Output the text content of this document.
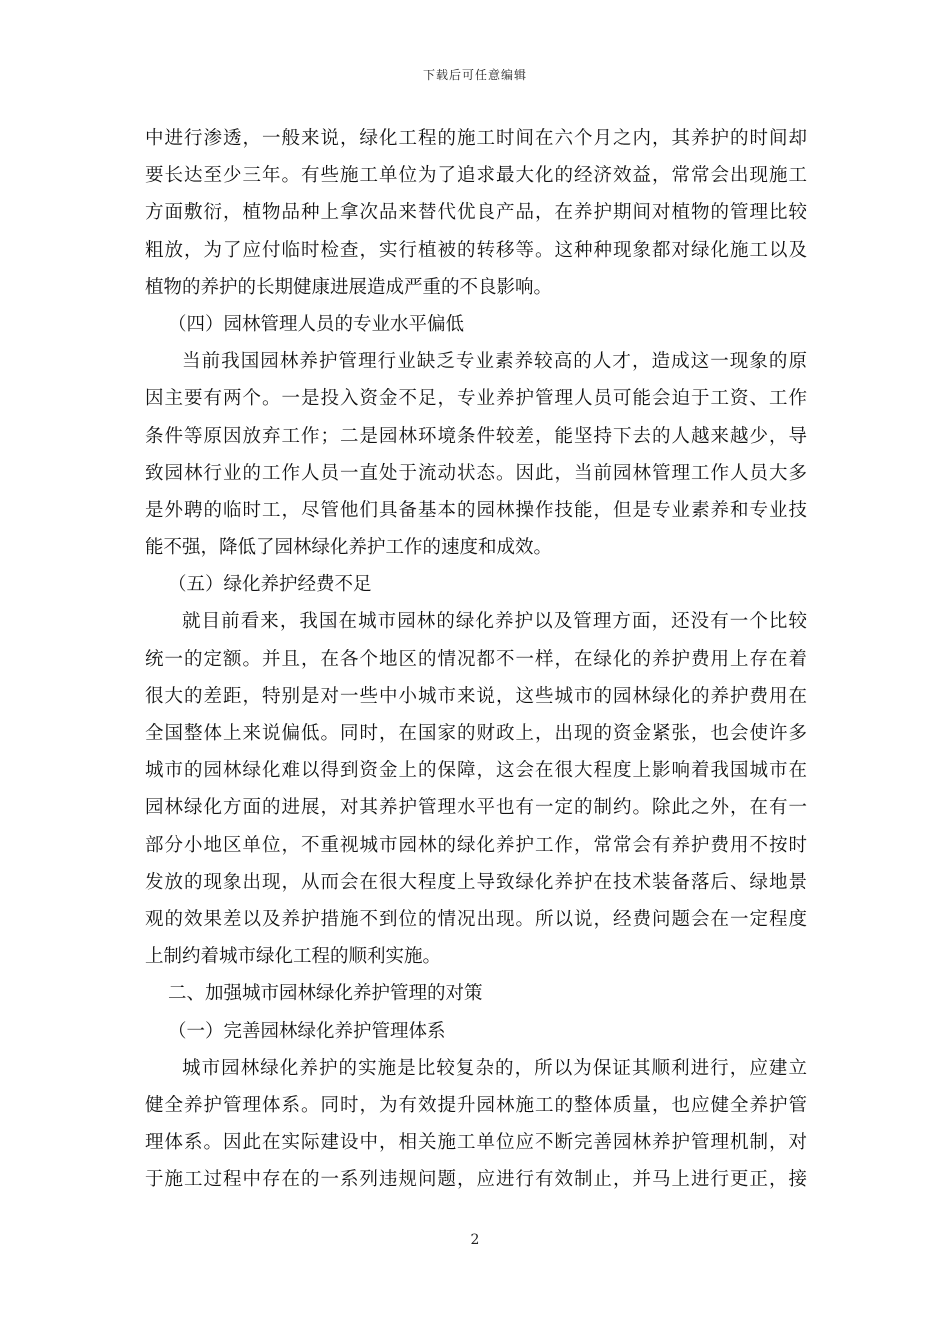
下载后可任意编辑
中进行渗透，一般来说，绿化工程的施工时间在六个月之内，其养护的时间却
要长达至少三年。有些施工单位为了追求最大化的经济效益，常常会出现施工
方面敷衍，植物品种上拿次品来替代优良产品，在养护期间对植物的管理比较
粗放，为了应付临时检查，实行植被的转移等。这种种现象都对绿化施工以及
植物的养护的长期健康进展造成严重的不良影响。
（四）园林管理人员的专业水平偏低
当前我国园林养护管理行业缺乏专业素养较高的人才，造成这一现象的原
因主要有两个。一是投入资金不足，专业养护管理人员可能会迫于工资、工作
条件等原因放弃工作；二是园林环境条件较差，能坚持下去的人越来越少，导
致园林行业的工作人员一直处于流动状态。因此，当前园林管理工作人员大多
是外聘的临时工，尽管他们具备基本的园林操作技能，但是专业素养和专业技
能不强，降低了园林绿化养护工作的速度和成效。
（五）绿化养护经费不足
就目前看来，我国在城市园林的绿化养护以及管理方面，还没有一个比较
统一的定额。并且，在各个地区的情况都不一样，在绿化的养护费用上存在着
很大的差距，特别是对一些中小城市来说，这些城市的园林绿化的养护费用在
全国整体上来说偏低。同时，在国家的财政上，出现的资金紧张，也会使许多
城市的园林绿化难以得到资金上的保障，这会在很大程度上影响着我国城市在
园林绿化方面的进展，对其养护管理水平也有一定的制约。除此之外，在有一
部分小地区单位，不重视城市园林的绿化养护工作，常常会有养护费用不按时
发放的现象出现，从而会在很大程度上导致绿化养护在技术装备落后、绿地景
观的效果差以及养护措施不到位的情况出现。所以说，经费问题会在一定程度
上制约着城市绿化工程的顺利实施。
二、加强城市园林绿化养护管理的对策
（一）完善园林绿化养护管理体系
城市园林绿化养护的实施是比较复杂的，所以为保证其顺利进行，应建立
健全养护管理体系。同时，为有效提升园林施工的整体质量，也应健全养护管
理体系。因此在实际建设中，相关施工单位应不断完善园林养护管理机制，对
于施工过程中存在的一系列违规问题，应进行有效制止，并马上进行更正，接
2
